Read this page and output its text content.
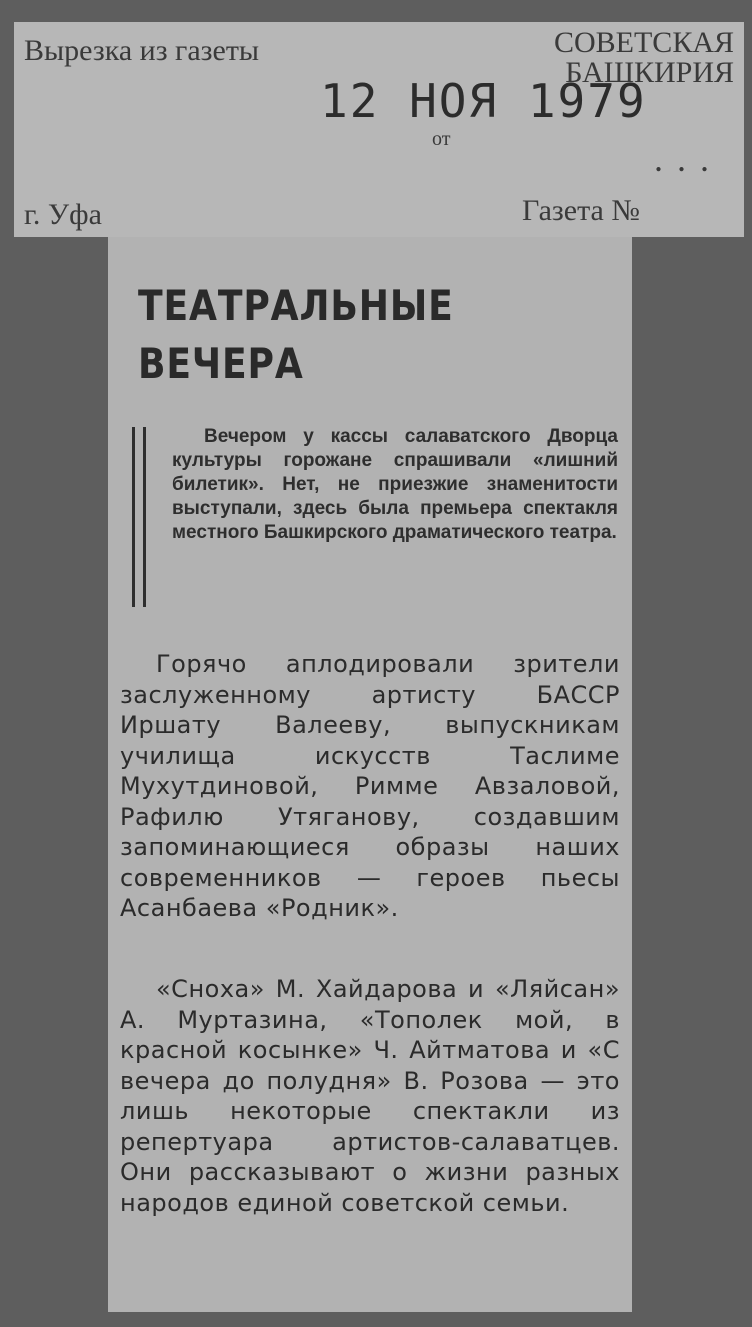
Вырезка из газеты	СОВЕТСКАЯ
БАШКИРИЯ
12 НОЯ 1979
от	...
г. Уфа	Газета №
ТЕАТРАЛЬНЫЕ
ВЕЧЕРА

Вечером у кассы салаватского Дворца культуры горожане спрашивали «лишний билетик». Нет, не приезжие знаменитости выступали, здесь была премьера спектакля местного Башкирского драматического театра.

Горячо аплодировали зрители заслуженному артисту БАССР Иршату Валееву, выпускникам училища искусств Таслиме Мухутдиновой, Римме Авзаловой, Рафилю Утяганову, создавшим запоминающиеся образы наших современников — героев пьесы Асанбаева «Родник».

«Сноха» М. Хайдарова и «Ляйсан» А. Муртазина, «Тополек мой, в красной косынке» Ч. Айтматова и «С вечера до полудня» В. Розова — это лишь некоторые спектакли из репертуара артистов-салаватцев. Они рассказывают о жизни разных народов единой советской семьи.
